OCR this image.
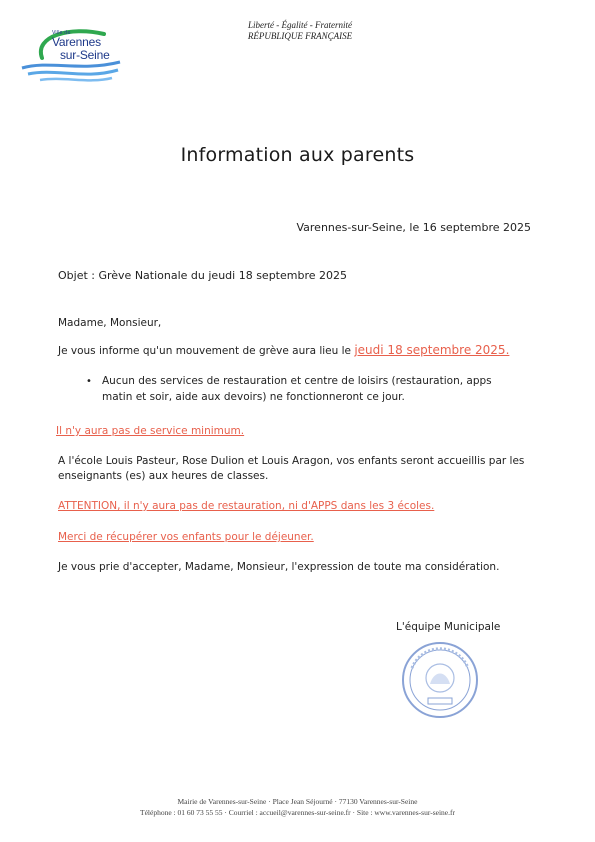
Ville de
Varennes
sur-Seine
Liberté - Égalité - Fraternité
RÉPUBLIQUE FRANÇAISE
Information aux parents
Varennes-sur-Seine, le 16 septembre 2025
Objet : Grève Nationale du jeudi 18 septembre 2025
Madame, Monsieur,
Je vous informe qu'un mouvement de grève aura lieu le jeudi 18 septembre 2025.
• Aucun des services de restauration et centre de loisirs (restauration, apps
matin et soir, aide aux devoirs) ne fonctionneront ce jour.
Il n'y aura pas de service minimum.
A l'école Louis Pasteur, Rose Dulion et Louis Aragon, vos enfants seront accueillis par les
enseignants (es) aux heures de classes.
ATTENTION, il n'y aura pas de restauration, ni d'APPS dans les 3 écoles.
Merci de récupérer vos enfants pour le déjeuner.
Je vous prie d'accepter, Madame, Monsieur, l'expression de toute ma considération.
L'équipe Municipale
Mairie de Varennes-sur-Seine · Place Jean Séjourné · 77130 Varennes-sur-Seine
Téléphone : 01 60 73 55 55 · Courriel : accueil@varennes-sur-seine.fr · Site : www.varennes-sur-seine.fr
